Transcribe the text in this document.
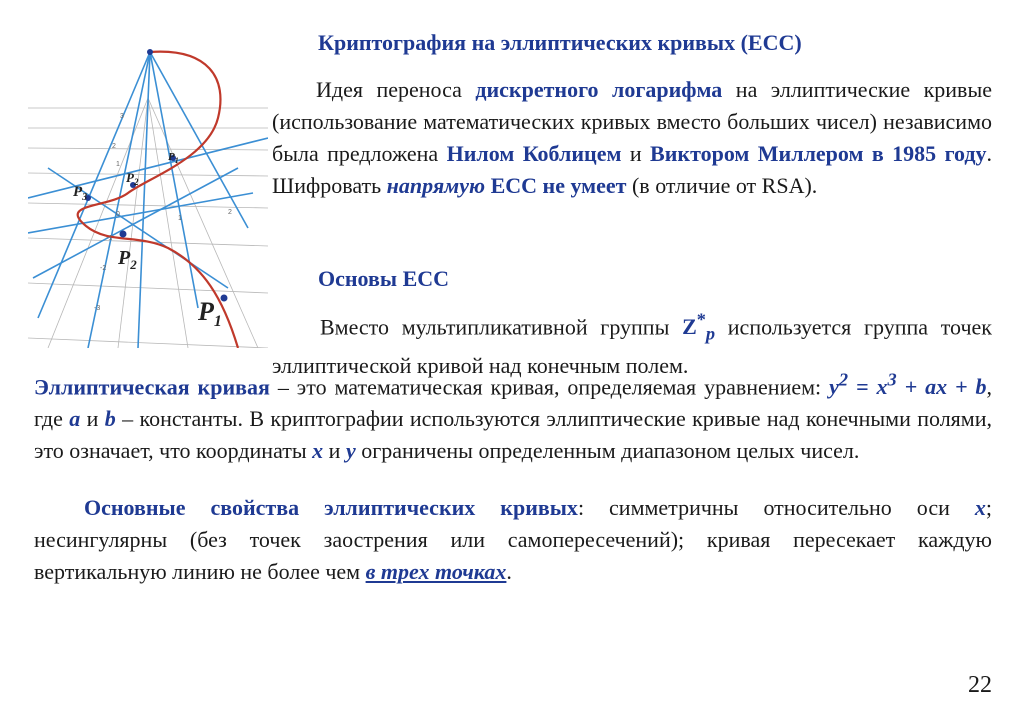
$P_3$
$P_2$
$P_1$
$P_2$
$P_1$
1
2
3
-1
-2
-3
0
1
2
Криптография на эллиптических кривых (ECC)

Идея переноса дискретного логарифма на эллиптические кривые (использование математических кривых вместо больших чисел) независимо была предложена Нилом Коблицем и Виктором Миллером в 1985 году. Шифровать напрямую ECC не умеет (в отличие от RSA).

Основы ECC

Вместо мультипликативной группы $Z^*_p$ используется группа точек эллиптической кривой над конечным полем.

Эллиптическая кривая – это математическая кривая, определяемая уравнением: $y^2 = x^3$ + ax + b, где a и b – константы. В криптографии используются эллиптические кривые над конечными полями, это означает, что координаты x и y ограничены определенным диапазоном целых чисел.

Основные свойства эллиптических кривых: симметричны относительно оси x; несингулярны (без точек заострения или самопересечений); кривая пересекает каждую вертикальную линию не более чем в трех точках.

22
